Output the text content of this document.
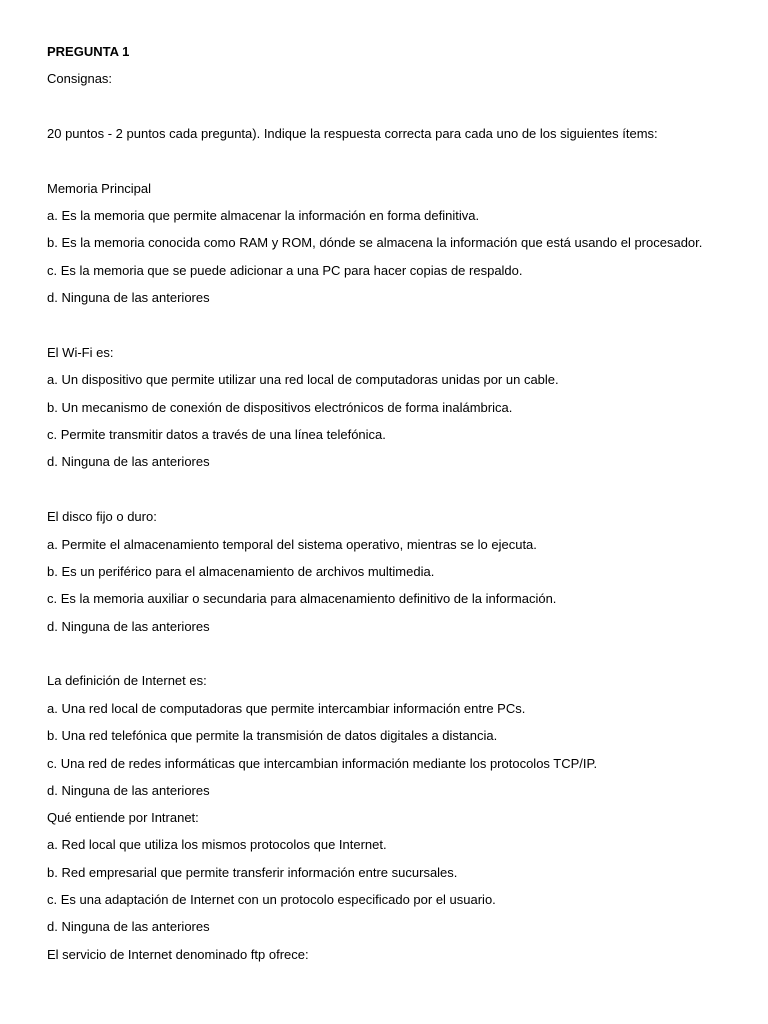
PREGUNTA 1
Consignas:
20 puntos - 2 puntos cada pregunta). Indique la respuesta correcta para cada uno de los siguientes ítems:
Memoria Principal
a. Es la memoria que permite almacenar la información en forma definitiva.
b. Es la memoria conocida como RAM y ROM, dónde se almacena la información que está usando el procesador.
c. Es la memoria que se puede adicionar a una PC para hacer copias de respaldo.
d. Ninguna de las anteriores
El Wi-Fi es:
a. Un dispositivo que permite utilizar una red local de computadoras unidas por un cable.
b. Un mecanismo de conexión de dispositivos electrónicos de forma inalámbrica.
c. Permite transmitir datos a través de una línea telefónica.
d. Ninguna de las anteriores
El disco fijo o duro:
a. Permite el almacenamiento temporal del sistema operativo, mientras se lo ejecuta.
b. Es un periférico para el almacenamiento de archivos multimedia.
c. Es la memoria auxiliar o secundaria para almacenamiento definitivo de la información.
d. Ninguna de las anteriores
La definición de Internet es:
a. Una red local de computadoras que permite intercambiar información entre PCs.
b. Una red telefónica que permite la transmisión de datos digitales a distancia.
c. Una red de redes informáticas que intercambian información mediante los protocolos TCP/IP.
d. Ninguna de las anteriores
Qué entiende por Intranet:
a. Red local que utiliza los mismos protocolos que Internet.
b. Red empresarial que permite transferir información entre sucursales.
c. Es una adaptación de Internet con un protocolo especificado por el usuario.
d. Ninguna de las anteriores
El servicio de Internet denominado ftp ofrece:
